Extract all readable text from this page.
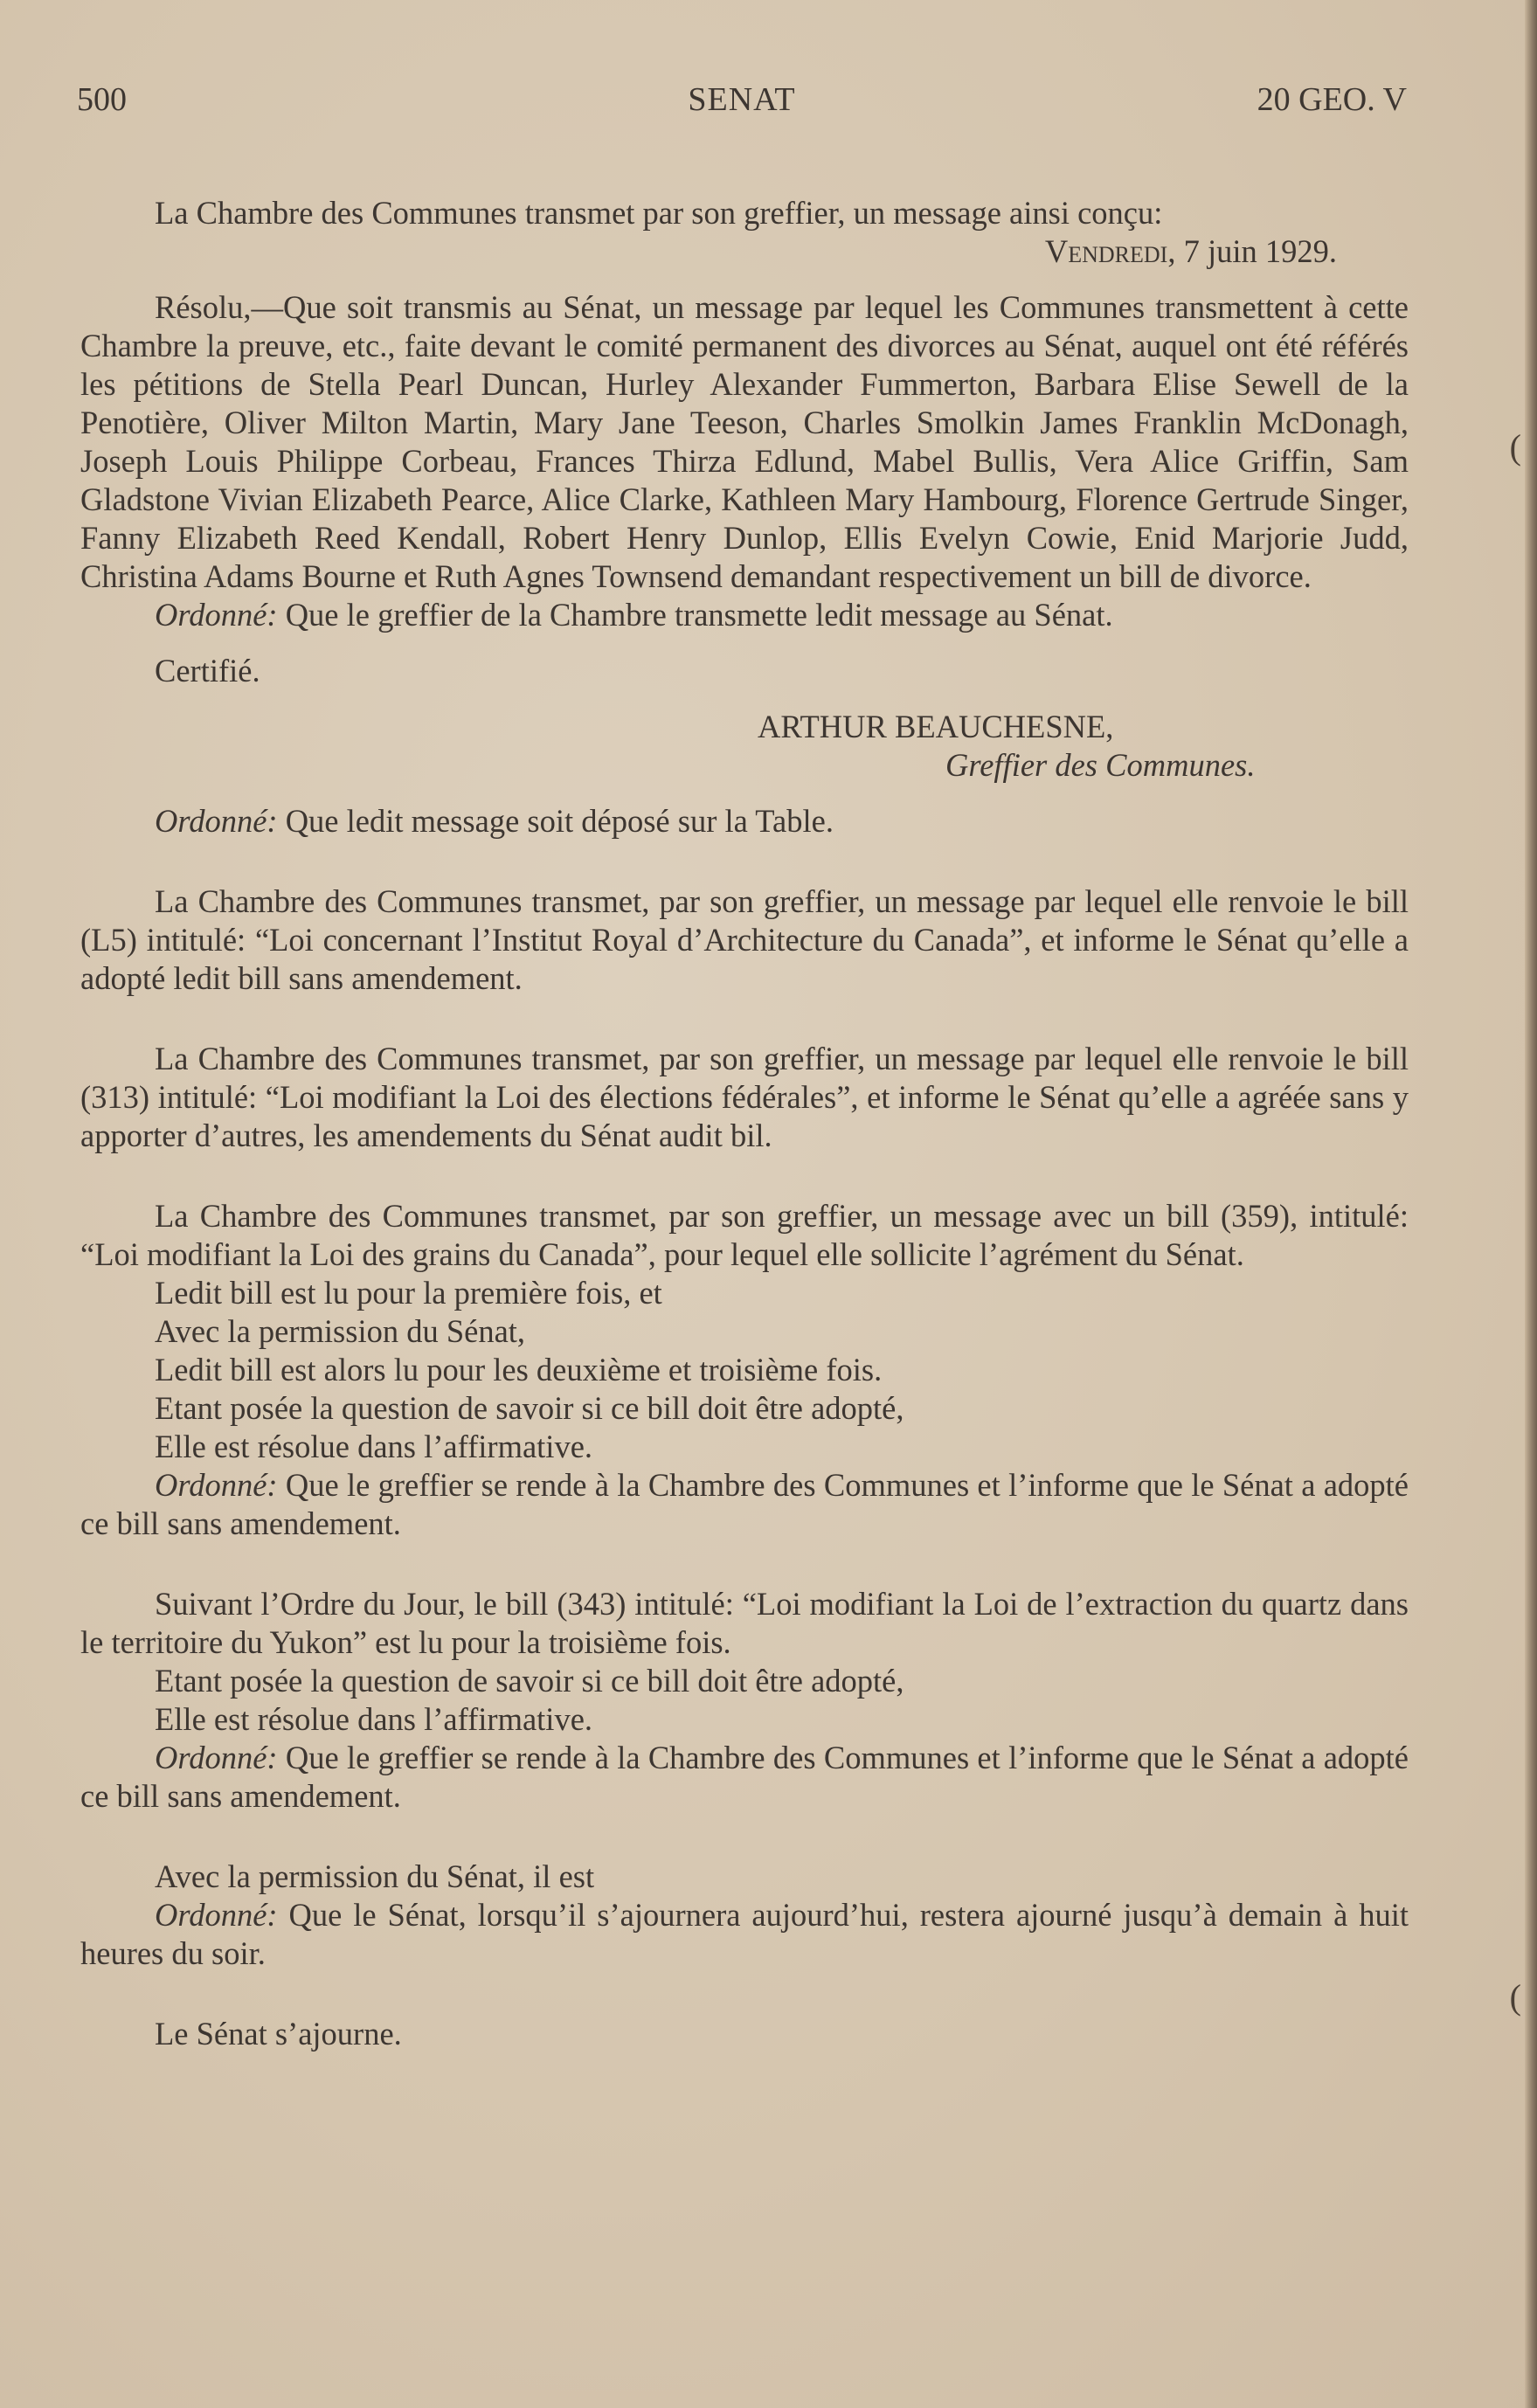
(
(
SENAT
500	20 GEO. V

La Chambre des Communes transmet par son greffier, un message ainsi conçu:

Vendredi, 7 juin 1929.

Résolu,—Que soit transmis au Sénat, un message par lequel les Communes transmettent à cette Chambre la preuve, etc., faite devant le comité permanent des divorces au Sénat, auquel ont été référés les pétitions de Stella Pearl Duncan, Hurley Alexander Fummerton, Barbara Elise Sewell de la Penotière, Oliver Milton Martin, Mary Jane Teeson, Charles Smolkin James Franklin McDonagh, Joseph Louis Philippe Corbeau, Frances Thirza Edlund, Mabel Bullis, Vera Alice Griffin, Sam Gladstone Vivian Elizabeth Pearce, Alice Clarke, Kathleen Mary Hambourg, Florence Gertrude Singer, Fanny Elizabeth Reed Kendall, Robert Henry Dunlop, Ellis Evelyn Cowie, Enid Marjorie Judd, Christina Adams Bourne et Ruth Agnes Townsend demandant respectivement un bill de divorce.

Ordonné: Que le greffier de la Chambre transmette ledit message au Sénat.

Certifié.

ARTHUR BEAUCHESNE,

Greffier des Communes.

Ordonné: Que ledit message soit déposé sur la Table.

La Chambre des Communes transmet, par son greffier, un message par lequel elle renvoie le bill (L5) intitulé: “Loi concernant l’Institut Royal d’Architecture du Canada”, et informe le Sénat qu’elle a adopté ledit bill sans amendement.

La Chambre des Communes transmet, par son greffier, un message par lequel elle renvoie le bill (313) intitulé: “Loi modifiant la Loi des élections fédérales”, et informe le Sénat qu’elle a agréée sans y apporter d’autres, les amendements du Sénat audit bil.

La Chambre des Communes transmet, par son greffier, un message avec un bill (359), intitulé: “Loi modifiant la Loi des grains du Canada”, pour lequel elle sollicite l’agrément du Sénat.

Ledit bill est lu pour la première fois, et

Avec la permission du Sénat,

Ledit bill est alors lu pour les deuxième et troisième fois.

Etant posée la question de savoir si ce bill doit être adopté,

Elle est résolue dans l’affirmative.

Ordonné: Que le greffier se rende à la Chambre des Communes et l’informe que le Sénat a adopté ce bill sans amendement.

Suivant l’Ordre du Jour, le bill (343) intitulé: “Loi modifiant la Loi de l’extraction du quartz dans le territoire du Yukon” est lu pour la troisième fois.

Etant posée la question de savoir si ce bill doit être adopté,

Elle est résolue dans l’affirmative.

Ordonné: Que le greffier se rende à la Chambre des Communes et l’informe que le Sénat a adopté ce bill sans amendement.

Avec la permission du Sénat, il est

Ordonné: Que le Sénat, lorsqu’il s’ajournera aujourd’hui, restera ajourné jusqu’à demain à huit heures du soir.

Le Sénat s’ajourne.
